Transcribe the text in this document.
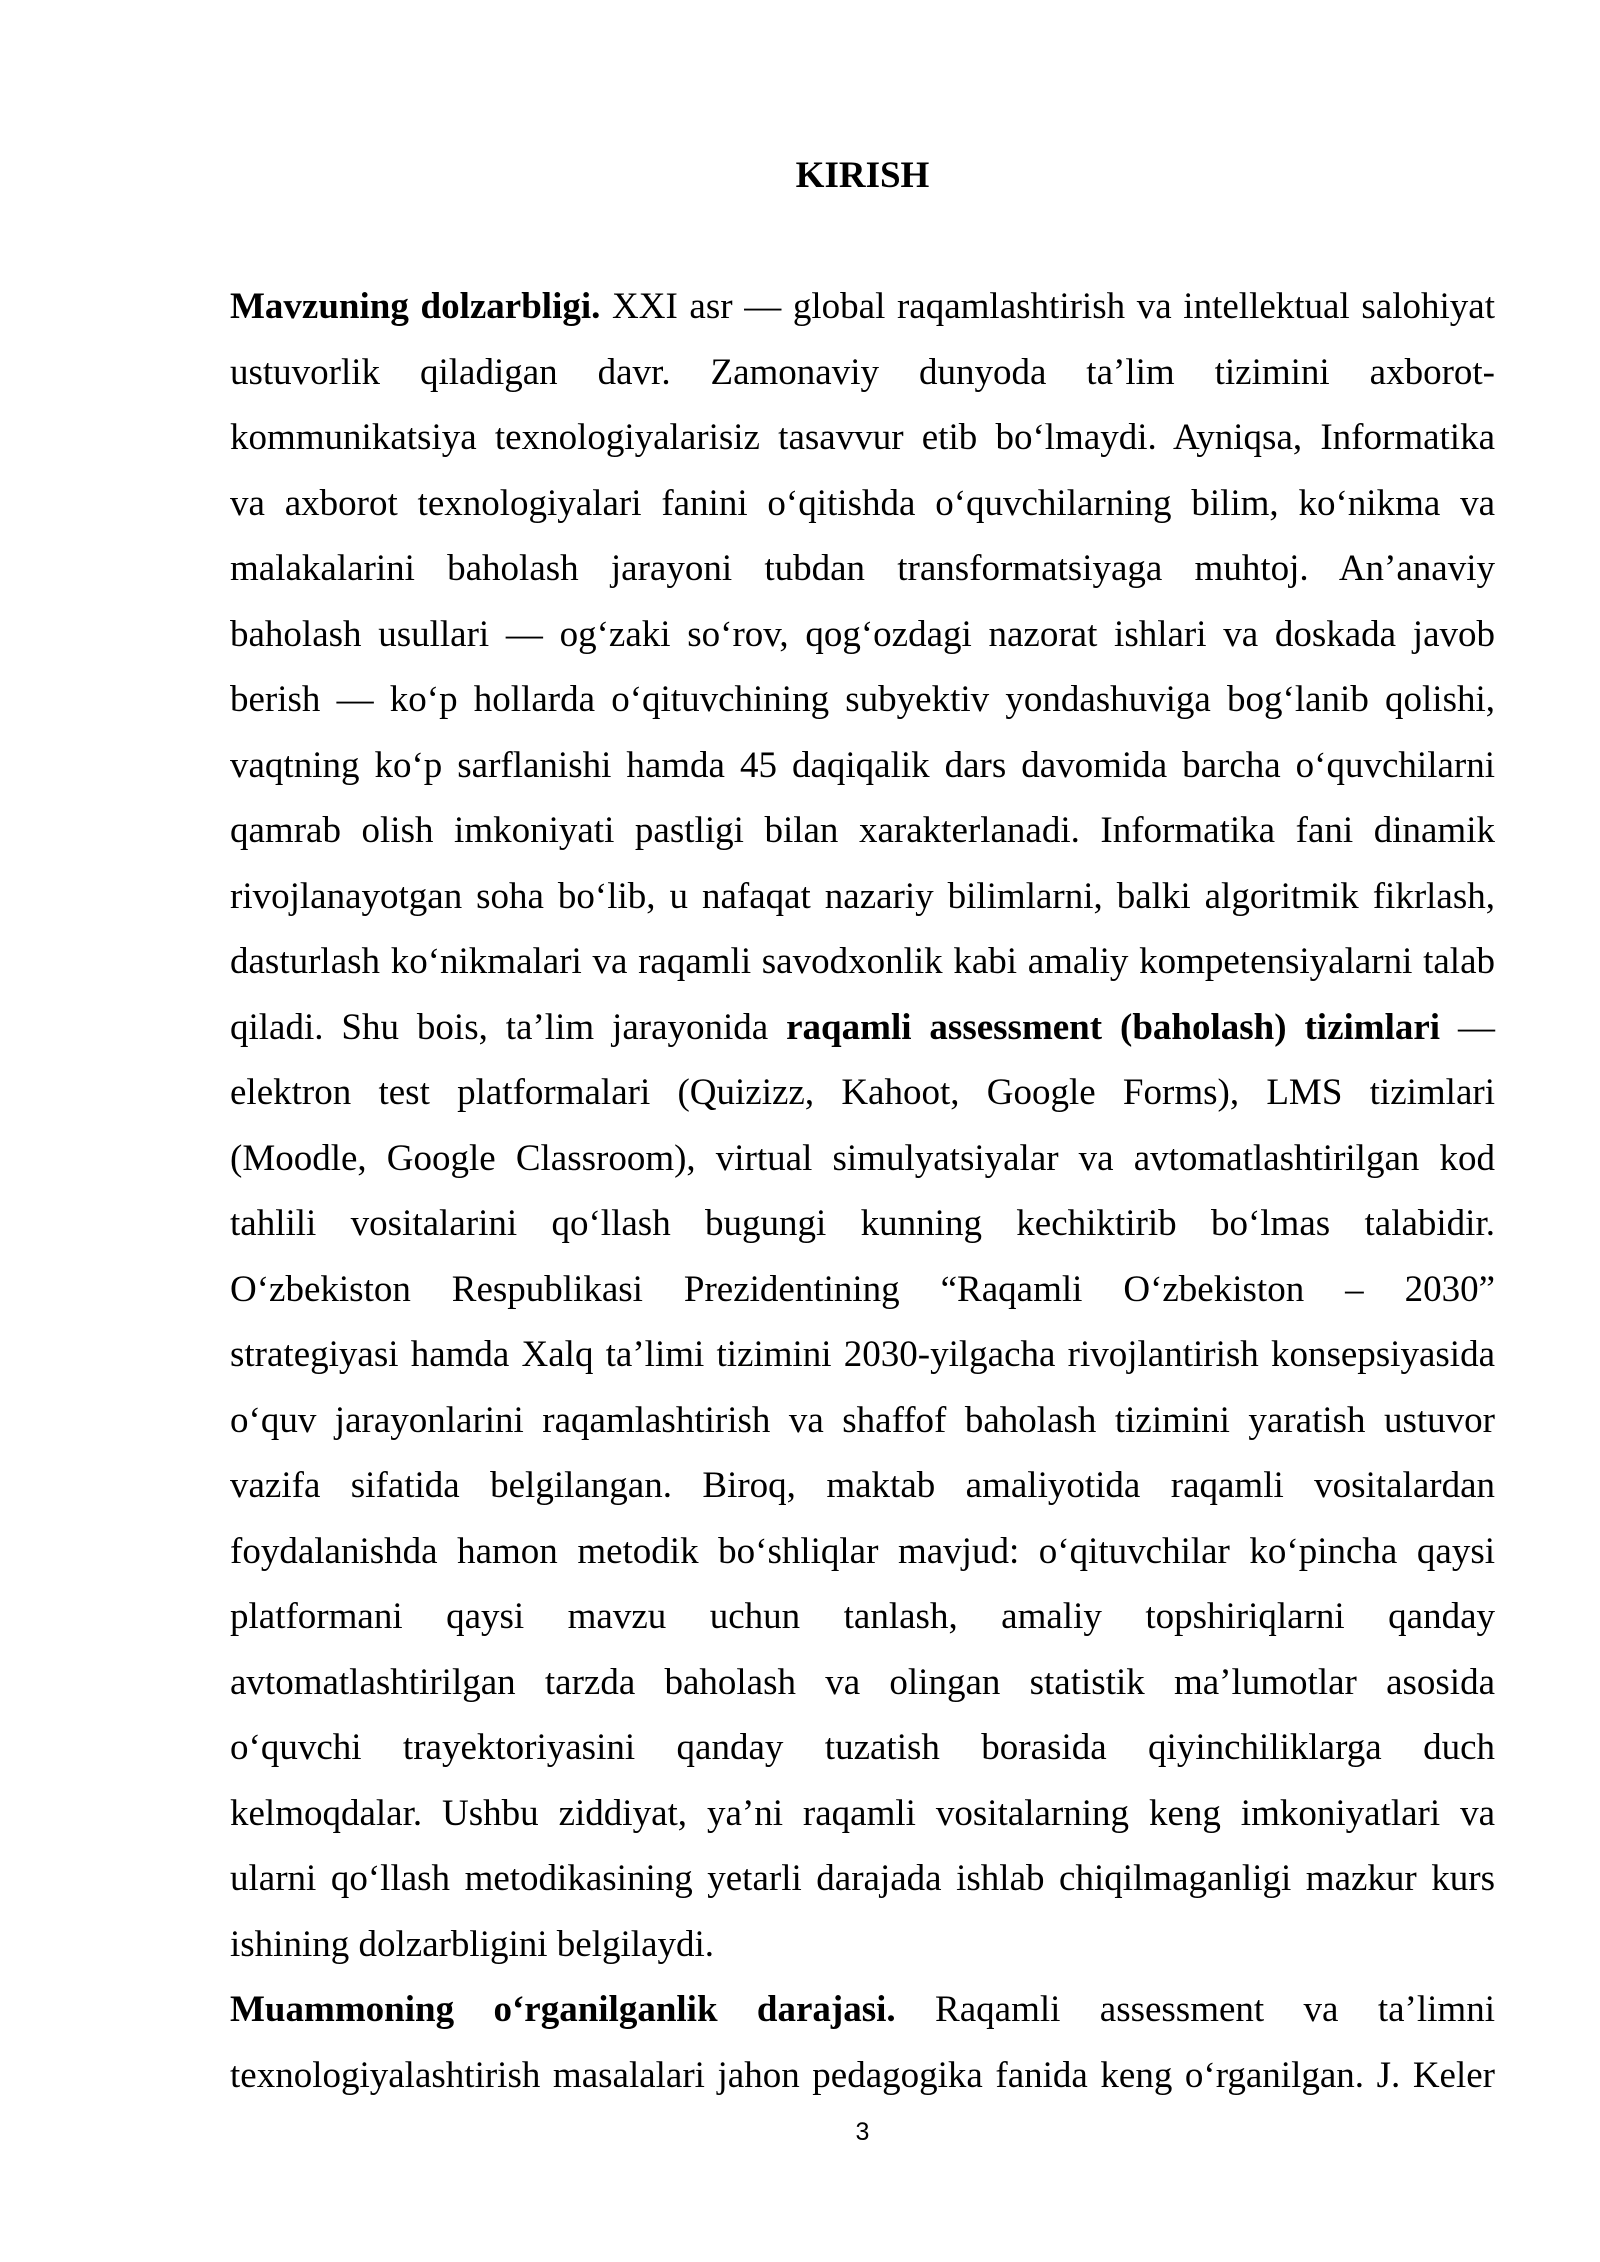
KIRISH
Mavzuning dolzarbligi. XXI asr — global raqamlashtirish va intellektual salohiyat
ustuvorlik qiladigan davr. Zamonaviy dunyoda ta’lim tizimini axborot-
kommunikatsiya texnologiyalarisiz tasavvur etib bo‘lmaydi. Ayniqsa, Informatika
va axborot texnologiyalari fanini o‘qitishda o‘quvchilarning bilim, ko‘nikma va
malakalarini baholash jarayoni tubdan transformatsiyaga muhtoj. An’anaviy
baholash usullari — og‘zaki so‘rov, qog‘ozdagi nazorat ishlari va doskada javob
berish — ko‘p hollarda o‘qituvchining subyektiv yondashuviga bog‘lanib qolishi,
vaqtning ko‘p sarflanishi hamda 45 daqiqalik dars davomida barcha o‘quvchilarni
qamrab olish imkoniyati pastligi bilan xarakterlanadi. Informatika fani dinamik
rivojlanayotgan soha bo‘lib, u nafaqat nazariy bilimlarni, balki algoritmik fikrlash,
dasturlash ko‘nikmalari va raqamli savodxonlik kabi amaliy kompetensiyalarni talab
qiladi. Shu bois, ta’lim jarayonida raqamli assessment (baholash) tizimlari —
elektron test platformalari (Quizizz, Kahoot, Google Forms), LMS tizimlari
(Moodle, Google Classroom), virtual simulyatsiyalar va avtomatlashtirilgan kod
tahlili vositalarini qo‘llash bugungi kunning kechiktirib bo‘lmas talabidir.
O‘zbekiston Respublikasi Prezidentining “Raqamli O‘zbekiston – 2030”
strategiyasi hamda Xalq ta’limi tizimini 2030-yilgacha rivojlantirish konsepsiyasida
o‘quv jarayonlarini raqamlashtirish va shaffof baholash tizimini yaratish ustuvor
vazifa sifatida belgilangan. Biroq, maktab amaliyotida raqamli vositalardan
foydalanishda hamon metodik bo‘shliqlar mavjud: o‘qituvchilar ko‘pincha qaysi
platformani qaysi mavzu uchun tanlash, amaliy topshiriqlarni qanday
avtomatlashtirilgan tarzda baholash va olingan statistik ma’lumotlar asosida
o‘quvchi trayektoriyasini qanday tuzatish borasida qiyinchiliklarga duch
kelmoqdalar. Ushbu ziddiyat, ya’ni raqamli vositalarning keng imkoniyatlari va
ularni qo‘llash metodikasining yetarli darajada ishlab chiqilmaganligi mazkur kurs
ishining dolzarbligini belgilaydi.
Muammoning o‘rganilganlik darajasi. Raqamli assessment va ta’limni
texnologiyalashtirish masalalari jahon pedagogika fanida keng o‘rganilgan. J. Keler
3
